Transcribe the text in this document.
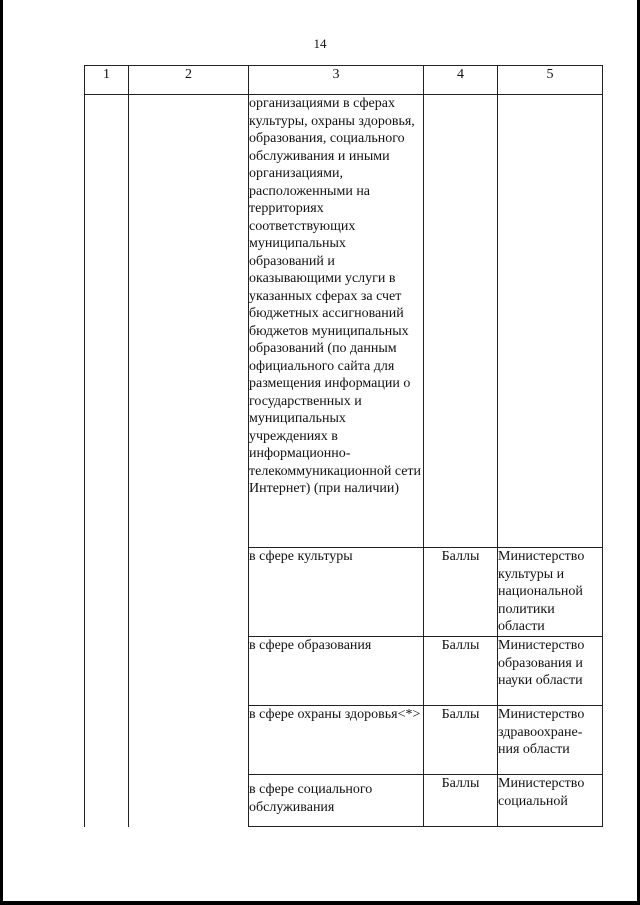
14
1	2	3	4	5
		организациями в сферах культуры, охраны здоровья, образования, социального обслуживания и иными организациями, расположенными на территориях соответствующих муниципальных образований и оказывающими услуги в указанных сферах за счет бюджетных ассигнований бюджетов муниципальных образований (по данным официального сайта для размещения информации о государственных и муниципальных учреждениях в информационно-телекоммуникационной сети Интернет) (при наличии)		
		в сфере культуры	Баллы	Министерство культуры и национальной политики области
		в сфере образования	Баллы	Министерство образования и науки области
		в сфере охраны здоровья<*>	Баллы	Министерство здравоохране-ния области
		в сфере социального обслуживания	Баллы	Министерство социальной
